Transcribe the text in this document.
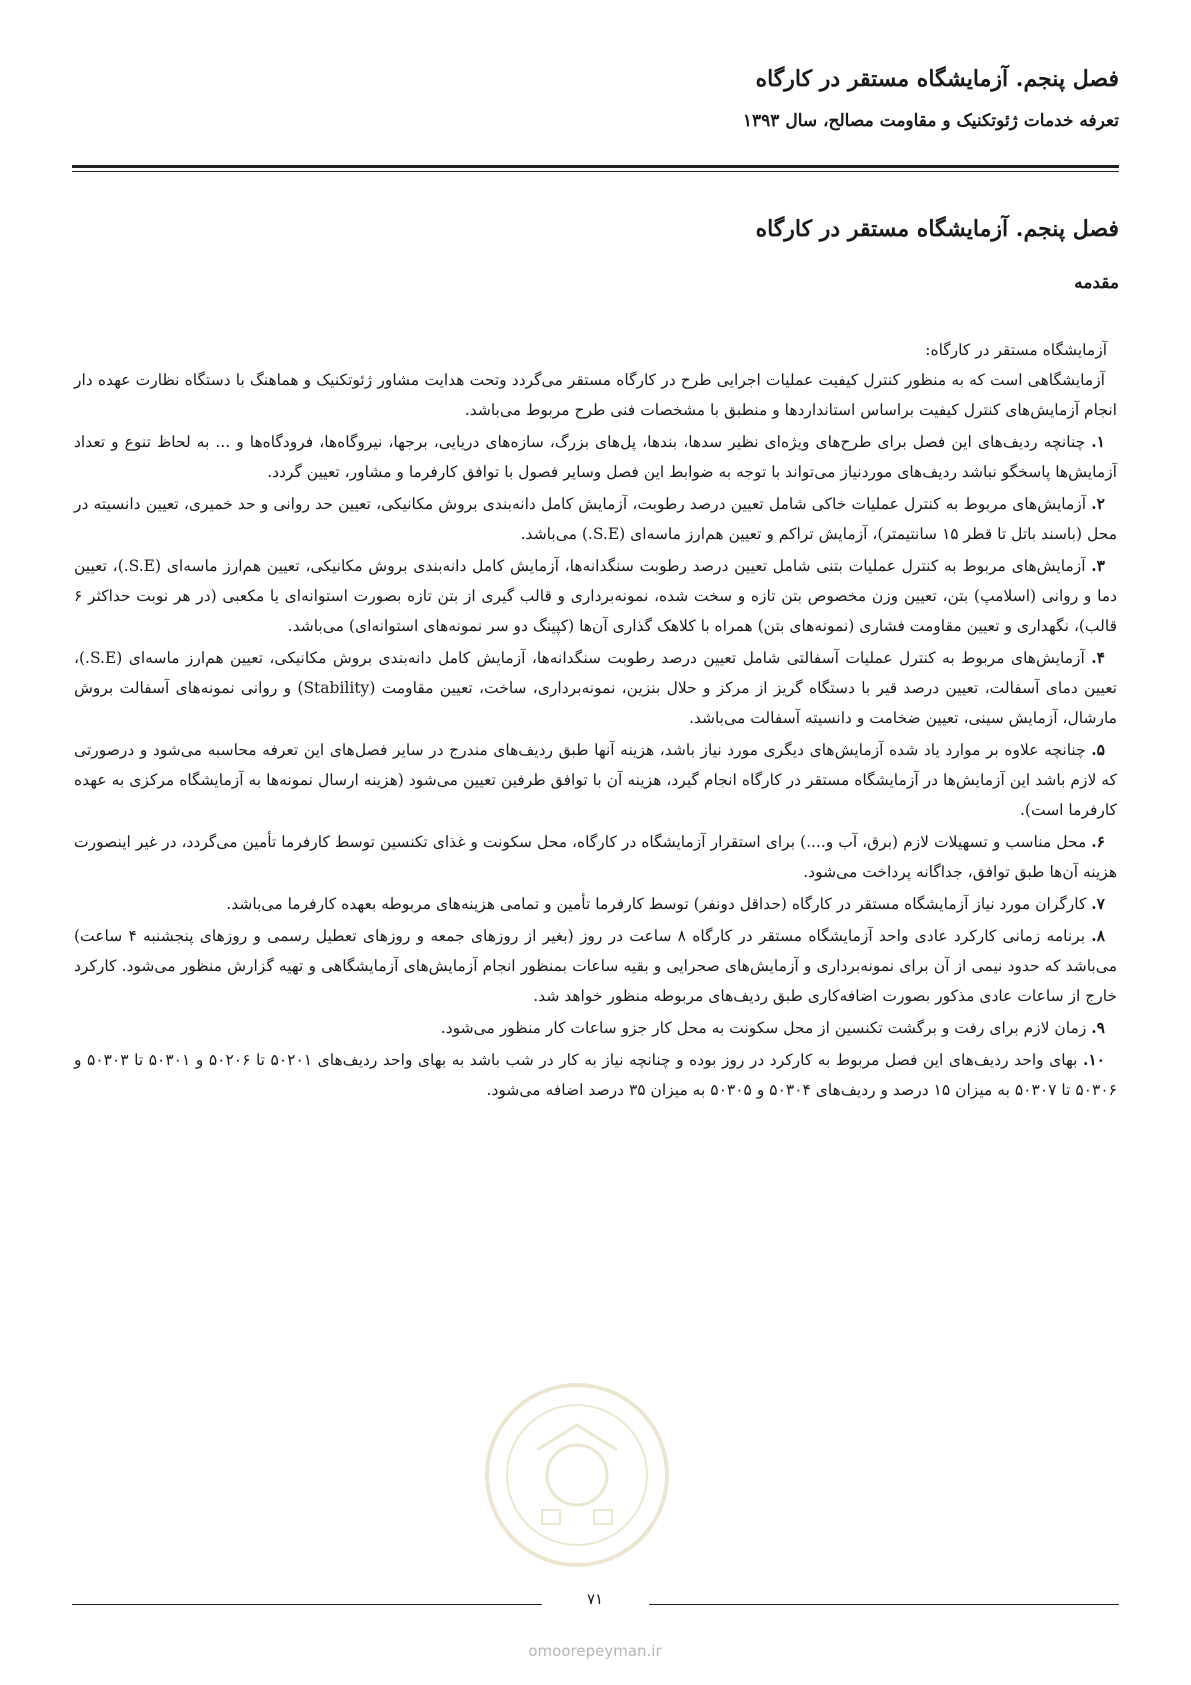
فصل پنجم. آزمایشگاه مستقر در کارگاه
تعرفه خدمات ژئوتکنیک و مقاومت مصالح، سال ۱۳۹۳
فصل پنجم. آزمایشگاه مستقر در کارگاه
مقدمه

آزمایشگاه مستقر در کارگاه:

آزمایشگاهی است که به منظور کنترل کیفیت عملیات اجرایی طرح در کارگاه مستقر می‌گردد وتحت هدایت مشاور ژئوتکنیک و هماهنگ با دستگاه نظارت عهده دار انجام آزمایش‌های کنترل کیفیت براساس استانداردها و منطبق با مشخصات فنی طرح مربوط می‌باشد.

۱. چنانچه ردیف‌های این فصل برای طرح‌های ویژه‌ای نظیر سدها، بندها، پل‌های بزرگ، سازه‌های دریایی، برجها، نیروگاه‌ها، فرودگاه‌ها و ... به لحاظ تنوع و تعداد آزمایش‌ها پاسخگو نباشد ردیف‌های موردنیاز می‌تواند با توجه به ضوابط این فصل وسایر فصول با توافق کارفرما و مشاور، تعیین گردد.

۲. آزمایش‌های مربوط به کنترل عملیات خاکی شامل تعیین درصد رطوبت، آزمایش کامل دانه‌بندی بروش مکانیکی، تعیین حد روانی و حد خمیری، تعیین دانسیته در محل (باسند باتل تا قطر ۱۵ سانتیمتر)، آزمایش تراکم و تعیین هم‌ارز ماسه‌ای (S.E.) می‌باشد.

۳. آزمایش‌های مربوط به کنترل عملیات بتنی شامل تعیین درصد رطوبت سنگدانه‌ها، آزمایش کامل دانه‌بندی بروش مکانیکی، تعیین هم‌ارز ماسه‌ای (S.E.)، تعیین دما و روانی (اسلامپ) بتن، تعیین وزن مخصوص بتن تازه و سخت شده، نمونه‌برداری و قالب گیری از بتن تازه بصورت استوانه‌ای یا مکعبی (در هر نوبت حداکثر ۶ قالب)، نگهداری و تعیین مقاومت فشاری (نمونه‌های بتن) همراه با کلاهک گذاری آن‌ها (کپینگ دو سر نمونه‌های استوانه‌ای) می‌باشد.

۴. آزمایش‌های مربوط به کنترل عملیات آسفالتی شامل تعیین درصد رطوبت سنگدانه‌ها، آزمایش کامل دانه‌بندی بروش مکانیکی، تعیین هم‌ارز ماسه‌ای (S.E.)، تعیین دمای آسفالت، تعیین درصد قیر با دستگاه گریز از مرکز و حلال بنزین، نمونه‌برداری، ساخت، تعیین مقاومت (Stability) و روانی نمونه‌های آسفالت بروش مارشال، آزمایش سینی، تعیین ضخامت و دانسیته آسفالت می‌باشد.

۵. چنانچه علاوه بر موارد یاد شده آزمایش‌های دیگری مورد نیاز باشد، هزینه آنها طبق ردیف‌های مندرج در سایر فصل‌های این تعرفه محاسبه می‌شود و درصورتی که لازم باشد این آزمایش‌ها در آزمایشگاه مستقر در کارگاه انجام گیرد، هزینه آن با توافق طرفین تعیین می‌شود (هزینه ارسال نمونه‌ها به آزمایشگاه مرکزی به عهده کارفرما است).

۶. محل مناسب و تسهیلات لازم (برق، آب و....) برای استقرار آزمایشگاه در کارگاه، محل سکونت و غذای تکنسین توسط کارفرما تأمین می‌گردد، در غیر اینصورت هزینه آن‌ها طبق توافق، جداگانه پرداخت می‌شود.

۷. کارگران مورد نیاز آزمایشگاه مستقر در کارگاه (حداقل دونفر) توسط کارفرما تأمین و تمامی هزینه‌های مربوطه بعهده کارفرما می‌باشد.

۸. برنامه زمانی کارکرد عادی واحد آزمایشگاه مستقر در کارگاه ۸ ساعت در روز (بغیر از روزهای جمعه و روزهای تعطیل رسمی و روزهای پنجشنبه ۴ ساعت) می‌باشد که حدود نیمی از آن برای نمونه‌برداری و آزمایش‌های صحرایی و بقیه ساعات بمنظور انجام آزمایش‌های آزمایشگاهی و تهیه گزارش منظور می‌شود. کارکرد خارج از ساعات عادی مذکور بصورت اضافه‌کاری طبق ردیف‌های مربوطه منظور خواهد شد.

۹. زمان لازم برای رفت و برگشت تکنسین از محل سکونت به محل کار جزو ساعات کار منظور می‌شود.

۱۰. بهای واحد ردیف‌های این فصل مربوط به کارکرد در روز بوده و چنانچه نیاز به کار در شب باشد به بهای واحد ردیف‌های ۵۰۲۰۱ تا ۵۰۲۰۶ و ۵۰۳۰۱ تا ۵۰۳۰۳ و ۵۰۳۰۶ تا ۵۰۳۰۷ به میزان ۱۵ درصد و ردیف‌های ۵۰۳۰۴ و ۵۰۳۰۵ به میزان ۳۵ درصد اضافه می‌شود.

۷۱
omoorepeyman.ir
